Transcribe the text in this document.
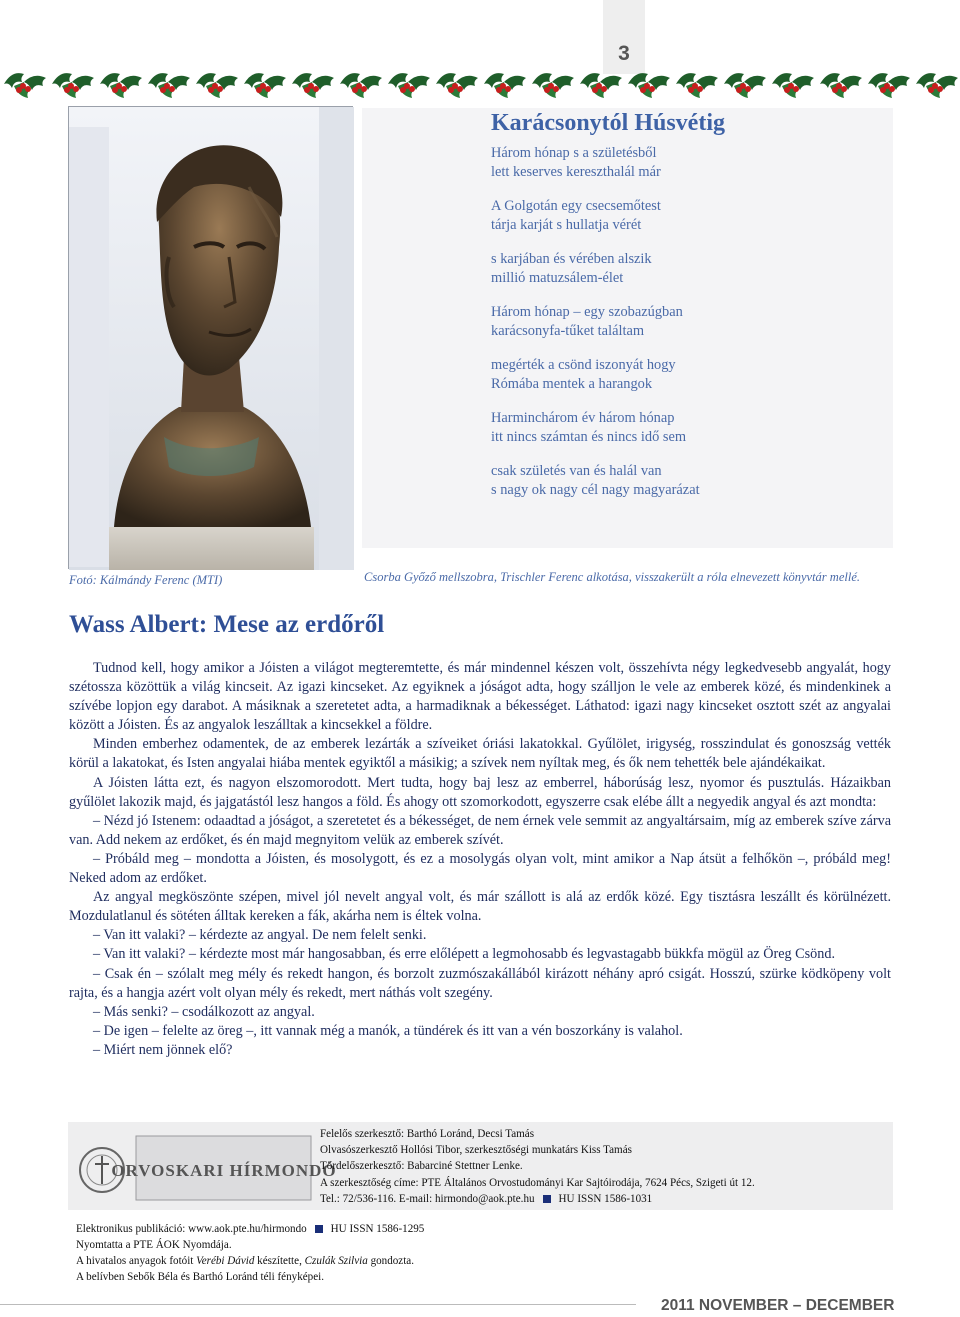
3
Karácsonytól Húsvétig
Három hónap s a születésből
lett keserves kereszthalál már
A Golgotán egy csecsemőtest
tárja karját s hullatja vérét
s karjában és vérében alszik
millió matuzsálem-élet
Három hónap – egy szobazúgban
karácsonyfa-tűket találtam
megérték a csönd iszonyát hogy
Rómába mentek a harangok
Harminchárom év három hónap
itt nincs számtan és nincs idő sem
csak születés van és halál van
s nagy ok nagy cél nagy magyarázat
Fotó: Kálmándy Ferenc (MTI)	Csorba Győző mellszobra, Trischler Ferenc alkotása, visszakerült a róla elnevezett könyvtár mellé.
Wass Albert: Mese az erdőről

Tudnod kell, hogy amikor a Jóisten a világot megteremtette, és már mindennel készen volt, összehívta négy legkedvesebb angyalát, hogy szétossza közöttük a világ kincseit. Az igazi kincseket. Az egyiknek a jóságot adta, hogy szálljon le vele az emberek közé, és mindenkinek a szívébe lopjon egy darabot. A másiknak a szeretetet adta, a harmadiknak a békességet. Láthatod: igazi nagy kincseket osztott szét az angyalai között a Jóisten. És az angyalok leszálltak a kincsekkel a földre.

Minden emberhez odamentek, de az emberek lezárták a szíveiket óriási lakatokkal. Gyűlölet, irigység, rosszindulat és gonoszság vették körül a lakatokat, és Isten angyalai hiába mentek egyiktől a másikig; a szívek nem nyíltak meg, és ők nem tehették bele ajándékaikat.

A Jóisten látta ezt, és nagyon elszomorodott. Mert tudta, hogy baj lesz az emberrel, háborúság lesz, nyomor és pusztulás. Házaikban gyűlölet lakozik majd, és jajgatástól lesz hangos a föld. És ahogy ott szomorkodott, egyszerre csak elébe állt a negyedik angyal és azt mondta:

– Nézd jó Istenem: odaadtad a jóságot, a szeretetet és a békességet, de nem érnek vele semmit az angyaltársaim, míg az emberek szíve zárva van. Add nekem az erdőket, és én majd megnyitom velük az emberek szívét.

– Próbáld meg – mondotta a Jóisten, és mosolygott, és ez a mosolygás olyan volt, mint amikor a Nap átsüt a felhőkön –, próbáld meg! Neked adom az erdőket.

Az angyal megköszönte szépen, mivel jól nevelt angyal volt, és már szállott is alá az erdők közé. Egy tisztásra leszállt és körülnézett. Mozdulatlanul és sötéten álltak kereken a fák, akárha nem is éltek volna.

– Van itt valaki? – kérdezte az angyal. De nem felelt senki.

– Van itt valaki? – kérdezte most már hangosabban, és erre előlépett a legmohosabb és legvastagabb bükkfa mögül az Öreg Csönd.

– Csak én – szólalt meg mély és rekedt hangon, és borzolt zuzmószakállából kirázott néhány apró csigát. Hosszú, szürke ködköpeny volt rajta, és a hangja azért volt olyan mély és rekedt, mert náthás volt szegény.

– Más senki? – csodálkozott az angyal.

– De igen – felelte az öreg –, itt vannak még a manók, a tündérek és itt van a vén boszorkány is valahol.

– Miért nem jönnek elő?

ORVOSKARI HÍRMONDÓ
Felelős szerkesztő: Barthó Loránd, Decsi Tamás
Olvasószerkesztő Hollósi Tibor, szerkesztőségi munkatárs Kiss Tamás
Tördelőszerkesztő: Babarciné Stettner Lenke.
A szerkesztőség címe: PTE Általános Orvostudományi Kar Sajtóirodája, 7624 Pécs, Szigeti út 12.
Tel.: 72/536-116. E-mail: hirmondo@aok.pte.hu HU ISSN 1586-1031
Elektronikus publikáció: www.aok.pte.hu/hirmondo HU ISSN 1586-1295
Nyomtatta a PTE ÁOK Nyomdája.
A hivatalos anyagok fotóit Verébi Dávid készítette, Czulák Szilvia gondozta.
A belívben Sebők Béla és Barthó Loránd téli fényképei.
2011 NOVEMBER – DECEMBER
